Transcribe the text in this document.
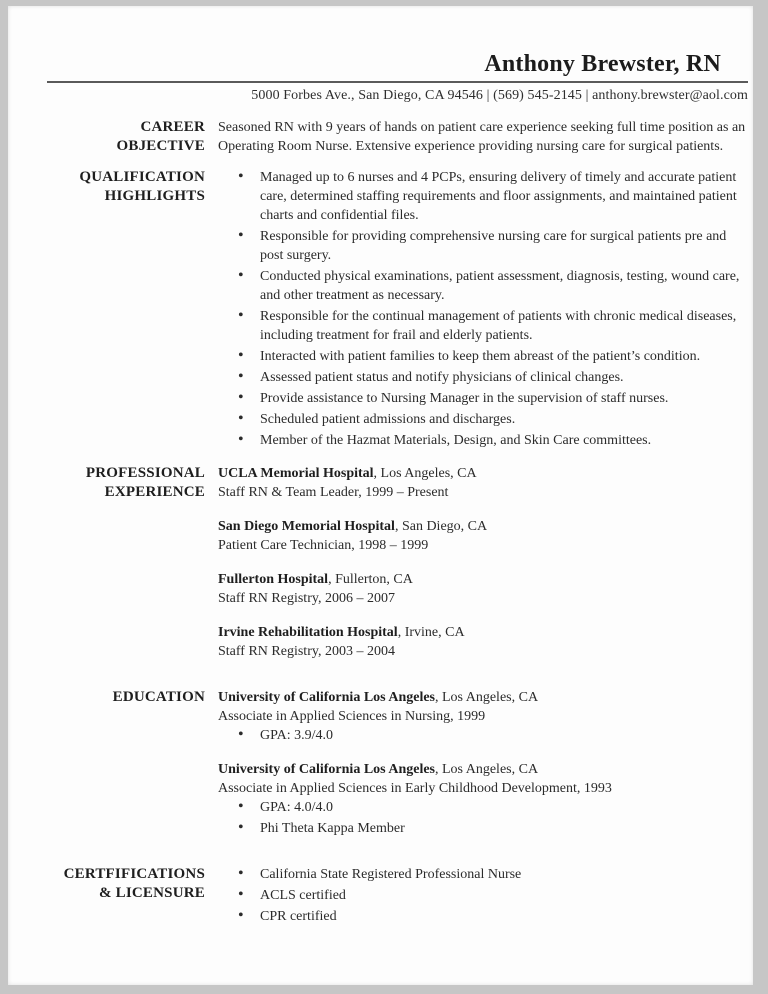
Anthony Brewster, RN
5000 Forbes Ave., San Diego, CA 94546 | (569) 545-2145 | anthony.brewster@aol.com
CAREER
OBJECTIVE

Seasoned RN with 9 years of hands on patient care experience seeking full time position as an Operating Room Nurse. Extensive experience providing nursing care for surgical patients.

QUALIFICATION
HIGHLIGHTS
• Managed up to 6 nurses and 4 PCPs, ensuring delivery of timely and accurate patient care, determined staffing requirements and floor assignments, and maintained patient charts and confidential files.
• Responsible for providing comprehensive nursing care for surgical patients pre and post surgery.
• Conducted physical examinations, patient assessment, diagnosis, testing, wound care, and other treatment as necessary.
• Responsible for the continual management of patients with chronic medical diseases, including treatment for frail and elderly patients.
• Interacted with patient families to keep them abreast of the patient’s condition.
• Assessed patient status and notify physicians of clinical changes.
• Provide assistance to Nursing Manager in the supervision of staff nurses.
• Scheduled patient admissions and discharges.
• Member of the Hazmat Materials, Design, and Skin Care committees.
PROFESSIONAL
EXPERIENCE
UCLA Memorial Hospital, Los Angeles, CA
Staff RN & Team Leader, 1999 – Present
San Diego Memorial Hospital, San Diego, CA
Patient Care Technician, 1998 – 1999
Fullerton Hospital, Fullerton, CA
Staff RN Registry, 2006 – 2007
Irvine Rehabilitation Hospital, Irvine, CA
Staff RN Registry, 2003 – 2004
EDUCATION University of California Los Angeles, Los Angeles, CA
Associate in Applied Sciences in Nursing, 1999
• GPA: 3.9/4.0
University of California Los Angeles, Los Angeles, CA
Associate in Applied Sciences in Early Childhood Development, 1993
• GPA: 4.0/4.0
• Phi Theta Kappa Member
CERTFIFICATIONS
& LICENSURE
• California State Registered Professional Nurse
• ACLS certified
• CPR certified
